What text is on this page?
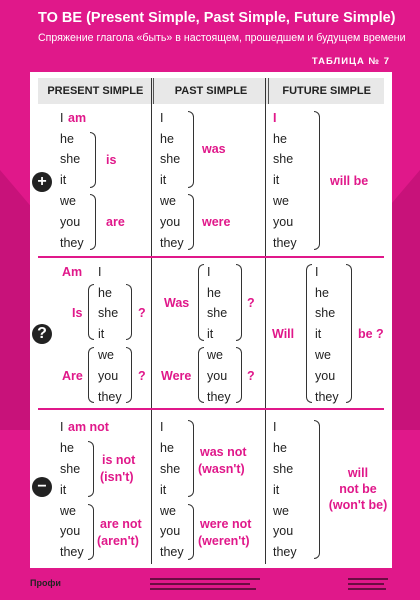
TO BE (Present Simple, Past Simple, Future Simple)
Спряжение глагола «быть» в настоящем, прошедшем и будущем времени
ТАБЛИЦА № 7
PRESENT SIMPLE	PAST SIMPLE	FUTURE SIMPLE
+
?
−
I am
he
she
it
is
we
you
they
are
I
he
she
it
was
we
you
they
were
I
he
she
it
we
you
they
will be
Am I
Is
he
she
it
?
Are
we
you
they
?
Was
I
he
she
it
?
Were
we
you
they
?
Will
I
he
she
it
we
you
they
be ?
I am not
he
she
it
is not
(isn't)
we
you
they
are not
(aren't)
I
he
she
it
was not
(wasn't)
we
you
they
were not
(weren't)
I
he
she
it
we
you
they
will
not be
(won't be)
Профи
